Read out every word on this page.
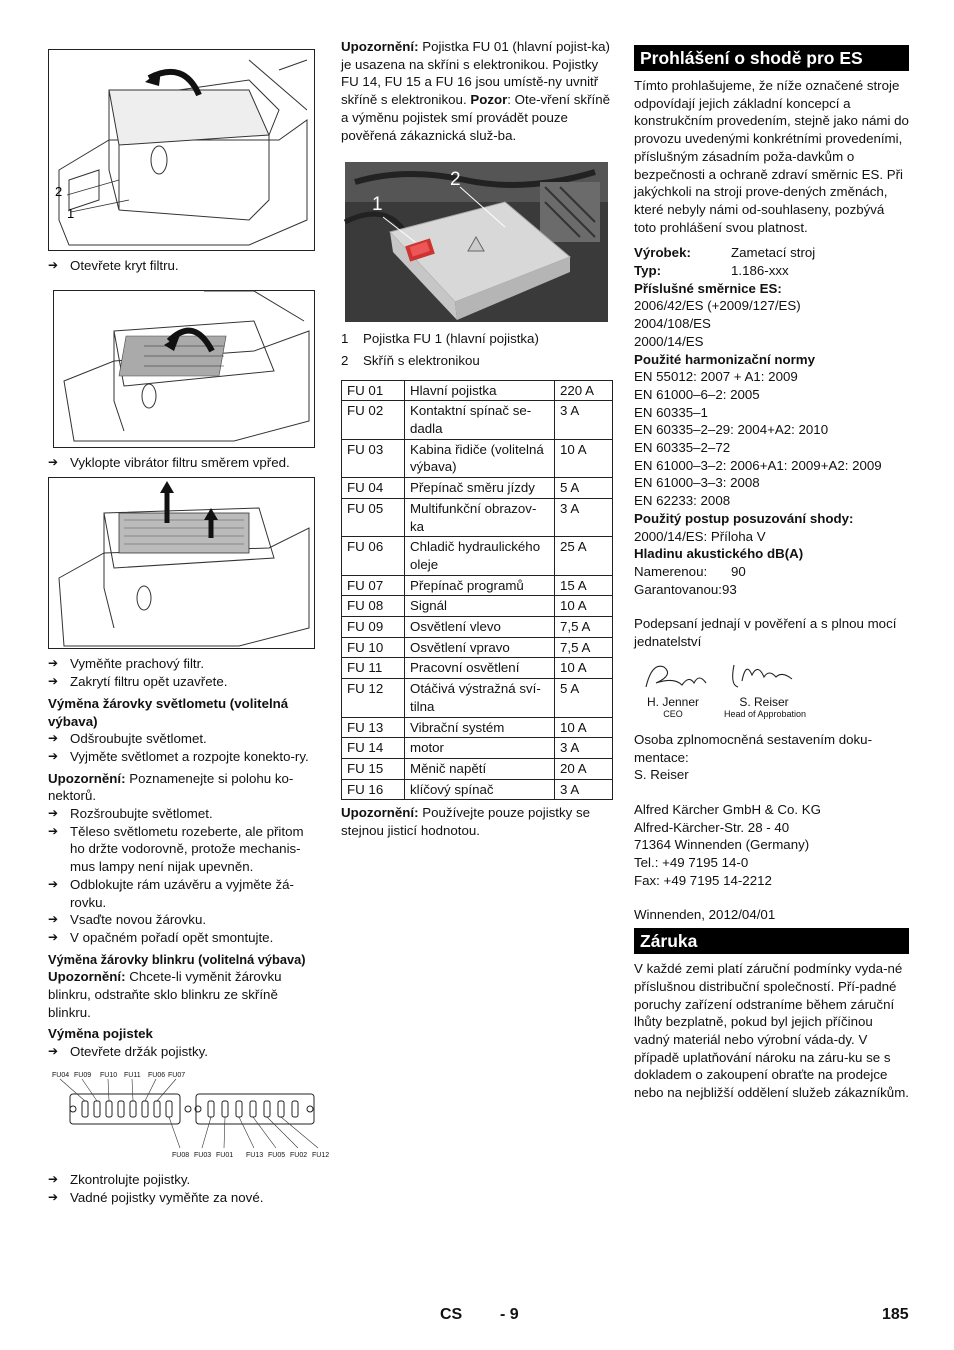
2
1
➔ Otevřete kryt filtru.
➔ Vyklopte vibrátor filtru směrem vpřed.
➔ Vyměňte prachový filtr.
➔ Zakrytí filtru opět uzavřete.

Výměna žárovky světlometu (volitelná výbava)

➔ Odšroubujte světlomet.
➔ Vyjměte světlomet a rozpojte konekto-ry.

Upozornění: Poznamenejte si polohu ko-nektorů.

➔ Rozšroubujte světlomet.
➔ Těleso světlometu rozeberte, ale přitom ho držte vodorovně, protože mechanis-mus lampy není nijak upevněn.
➔ Odblokujte rám uzávěru a vyjměte žá-rovku.
➔ Vsaďte novou žárovku.
➔ V opačném pořadí opět smontujte.

Výměna žárovky blinkru (volitelná výbava)

Upozornění: Chcete-li vyměnit žárovku blinkru, odstraňte sklo blinkru ze skříně blinkru.

Výměna pojistek

➔ Otevřete držák pojistky.
FU04 FU09 FU10 FU11 FU06 FU07
FU08 FU03 FU01 FU13 FU05 FU02 FU12
➔ Zkontrolujte pojistky.
➔ Vadné pojistky vyměňte za nové.

Upozornění: Pojistka FU 01 (hlavní pojist-ka) je usazena na skříni s elektronikou. Pojistky FU 14, FU 15 a FU 16 jsou umístě-ny uvnitř skříně s elektronikou. Pozor: Ote-vření skříně a výměnu pojistek smí provádět pouze pověřená zákaznická služ-ba.

1
2
1 Pojistka FU 1 (hlavní pojistka)
2 Skříň s elektronikou
FU 01	Hlavní pojistka	220 A
FU 02	Kontaktní spínač se-dadla	3 A
FU 03	Kabina řidiče (volitelná výbava)	10 A
FU 04	Přepínač směru jízdy	5 A
FU 05	Multifunkční obrazov-ka	3 A
FU 06	Chladič hydraulického oleje	25 A
FU 07	Přepínač programů	15 A
FU 08	Signál	10 A
FU 09	Osvětlení vlevo	7,5 A
FU 10	Osvětlení vpravo	7,5 A
FU 11	Pracovní osvětlení	10 A
FU 12	Otáčivá výstražná sví-tilna	5 A
FU 13	Vibrační systém	10 A
FU 14	motor	3 A
FU 15	Měnič napětí	20 A
FU 16	klíčový spínač	3 A

Upozornění: Používejte pouze pojistky se stejnou jisticí hodnotou.

Prohlášení o shodě pro ES

Tímto prohlašujeme, že níže označené stroje odpovídají jejich základní koncepcí a konstrukčním provedením, stejně jako námi do provozu uvedenými konkrétními provedeními, příslušným zásadním poža-davkům o bezpečnosti a ochraně zdraví směrnic ES. Při jakýchkoli na stroji prove-dených změnách, které nebyly námi od-souhlaseny, pozbývá toto prohlášení svou platnost.

Výrobek:	Zametací stroj
Typ:	1.186-xxx

Příslušné směrnice ES:

2006/42/ES (+2009/127/ES)

2004/108/ES

2000/14/ES

Použité harmonizační normy

EN 55012: 2007 + A1: 2009

EN 61000–6–2: 2005

EN 60335–1

EN 60335–2–29: 2004+A2: 2010

EN 60335–2–72

EN 61000–3–2: 2006+A1: 2009+A2: 2009

EN 61000–3–3: 2008

EN 62233: 2008

Použitý postup posuzování shody:

2000/14/ES: Příloha V

Hladinu akustického dB(A)

Namerenou: 90
Garantovanou:93

Podepsaní jednají v pověření a s plnou mocí jednatelství

H. Jenner
CEO
S. Reiser
Head of Approbation

Osoba zplnomocněná sestavením doku-mentace:

S. Reiser

Alfred Kärcher GmbH & Co. KG

Alfred-Kärcher-Str. 28 - 40

71364 Winnenden (Germany)

Tel.: +49 7195 14-0

Fax: +49 7195 14-2212

Winnenden, 2012/04/01

Záruka

V každé zemi platí záruční podmínky vyda-né příslušnou distribuční společností. Pří-padné poruchy zařízení odstraníme během záruční lhůty bezplatně, pokud byl jejich příčinou vadný materiál nebo výrobní váda-dy. V případě uplatňování nároku na záru-ku se s dokladem o zakoupení obraťte na prodejce nebo na nejbližší oddělení služeb zákazníkům.

CS - 9	185
